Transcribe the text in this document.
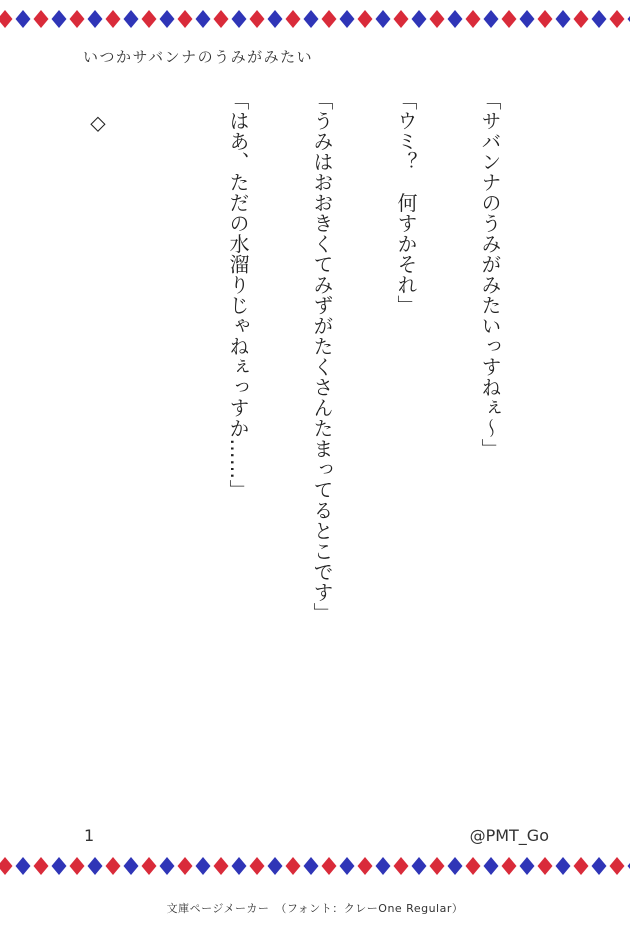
いつかサバンナのうみがみたい

「サバンナのうみがみたいっすねぇ〜」

「ウミ？　何すかそれ」

「うみはおおきくてみずがたくさんたまってるとこです」

「はあ、ただの水溜りじゃねぇっすか……」

　◇

1	@PMT_Go
文庫ページメーカー　（フォント：クレーOne Regular）
